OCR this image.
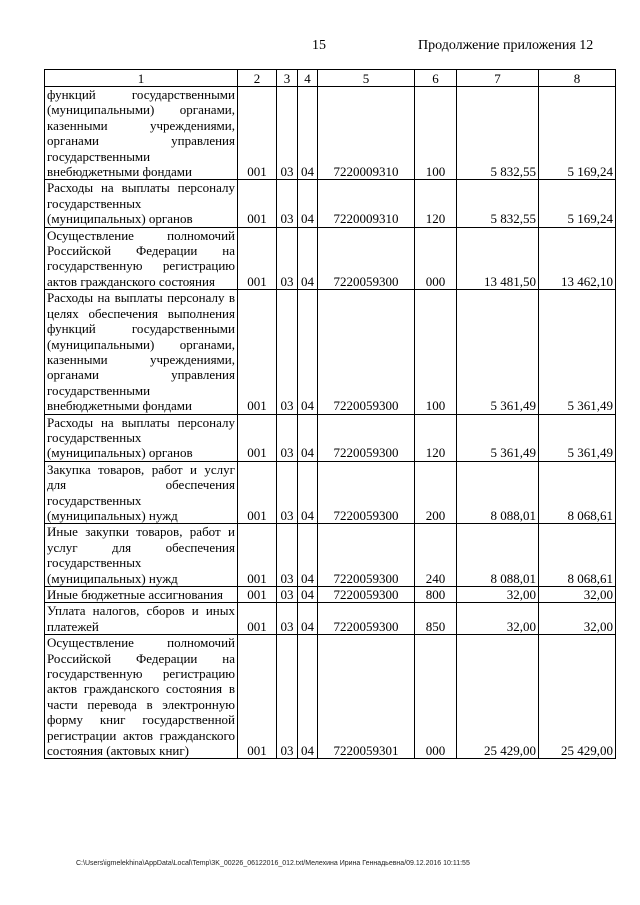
15	Продолжение приложения 12
1	2	3	4	5	6	7	8
функций государственными (муниципальными) органами, казенными учреждениями, органами управления государственными внебюджетными фондами	001	03	04	7220009310	100	5 832,55	5 169,24
Расходы на выплаты персоналу государственных (муниципальных) органов	001	03	04	7220009310	120	5 832,55	5 169,24
Осуществление полномочий Российской Федерации на государственную регистрацию актов гражданского состояния	001	03	04	7220059300	000	13 481,50	13 462,10
Расходы на выплаты персоналу в целях обеспечения выполнения функций государственными (муниципальными) органами, казенными учреждениями, органами управления государственными внебюджетными фондами	001	03	04	7220059300	100	5 361,49	5 361,49
Расходы на выплаты персоналу государственных (муниципальных) органов	001	03	04	7220059300	120	5 361,49	5 361,49
Закупка товаров, работ и услуг для обеспечения государственных (муниципальных) нужд	001	03	04	7220059300	200	8 088,01	8 068,61
Иные закупки товаров, работ и услуг для обеспечения государственных (муниципальных) нужд	001	03	04	7220059300	240	8 088,01	8 068,61
Иные бюджетные ассигнования	001	03	04	7220059300	800	32,00	32,00
Уплата налогов, сборов и иных платежей	001	03	04	7220059300	850	32,00	32,00
Осуществление полномочий Российской Федерации на государственную регистрацию актов гражданского состояния в части перевода в электронную форму книг государственной регистрации актов гражданского состояния (актовых книг)	001	03	04	7220059301	000	25 429,00	25 429,00
C:\Users\igmelekhina\AppData\Local\Temp\3K_00226_06122016_012.txt/Мелехина Ирина Геннадьевна/09.12.2016 10:11:55
